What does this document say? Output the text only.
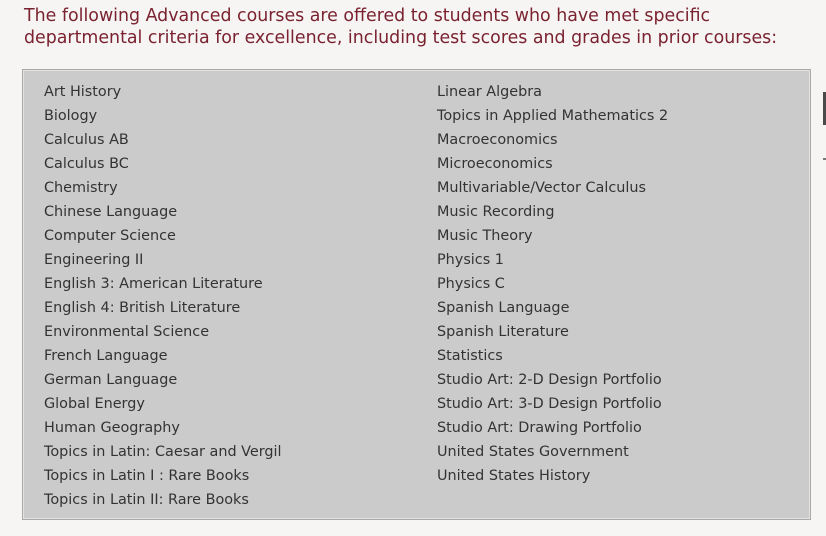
The following Advanced courses are offered to students who have met specific departmental criteria for excellence, including test scores and grades in prior courses:

Art History
Biology
Calculus AB
Calculus BC
Chemistry
Chinese Language
Computer Science
Engineering II
English 3: American Literature
English 4: British Literature
Environmental Science
French Language
German Language
Global Energy
Human Geography
Topics in Latin: Caesar and Vergil
Topics in Latin I : Rare Books
Topics in Latin II: Rare Books
Linear Algebra
Topics in Applied Mathematics 2
Macroeconomics
Microeconomics
Multivariable/Vector Calculus
Music Recording
Music Theory
Physics 1
Physics C
Spanish Language
Spanish Literature
Statistics
Studio Art: 2-D Design Portfolio
Studio Art: 3-D Design Portfolio
Studio Art: Drawing Portfolio
United States Government
United States History
